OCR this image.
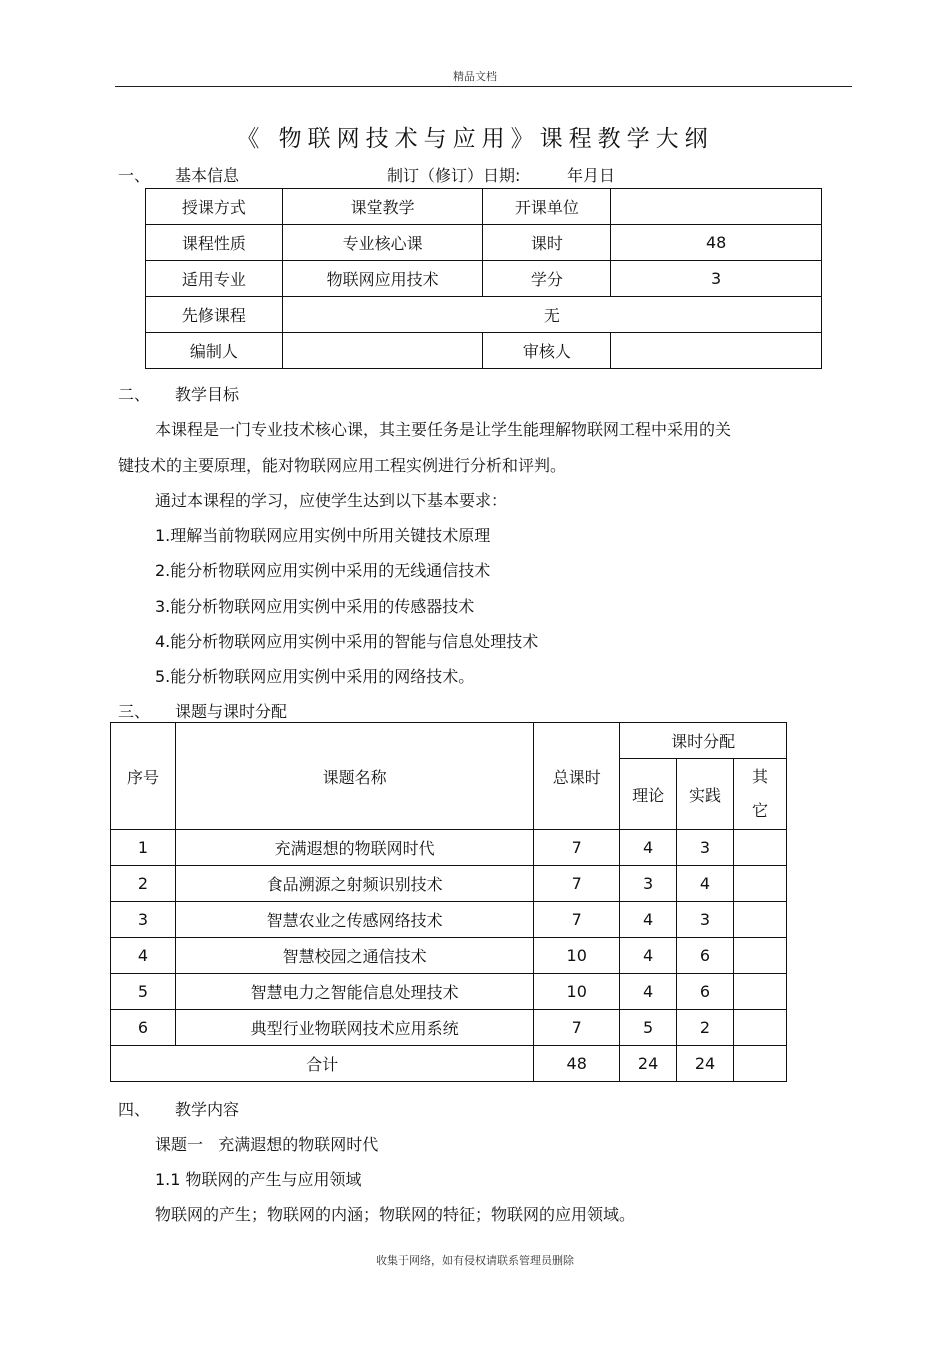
精品文档
《 物联网技术与应用》课程教学大纲
一、 基本信息	制订（修订）日期:	年月日
授课方式	课堂教学	开课单位	
课程性质	专业核心课	课时	48
适用专业	物联网应用技术	学分	3
先修课程	无		
编制人		审核人	
二、 教学目标
本课程是一门专业技术核心课，其主要任务是让学生能理解物联网工程中采用的关
键技术的主要原理，能对物联网应用工程实例进行分析和评判。
通过本课程的学习，应使学生达到以下基本要求：
1.理解当前物联网应用实例中所用关键技术原理
2.能分析物联网应用实例中采用的无线通信技术
3.能分析物联网应用实例中采用的传感器技术
4.能分析物联网应用实例中采用的智能与信息处理技术
5.能分析物联网应用实例中采用的网络技术。
三、 课题与课时分配
序号	课题名称	总课时	课时分配		
			理论	实践	其它
1	充满遐想的物联网时代	7	4	3	
2	食品溯源之射频识别技术	7	3	4	
3	智慧农业之传感网络技术	7	4	3	
4	智慧校园之通信技术	10	4	6	
5	智慧电力之智能信息处理技术	10	4	6	
6	典型行业物联网技术应用系统	7	5	2	
合计		48	24	24	
四、 教学内容
课题一   充满遐想的物联网时代
1.1 物联网的产生与应用领域
物联网的产生；物联网的内涵；物联网的特征；物联网的应用领域。
收集于网络，如有侵权请联系管理员删除
